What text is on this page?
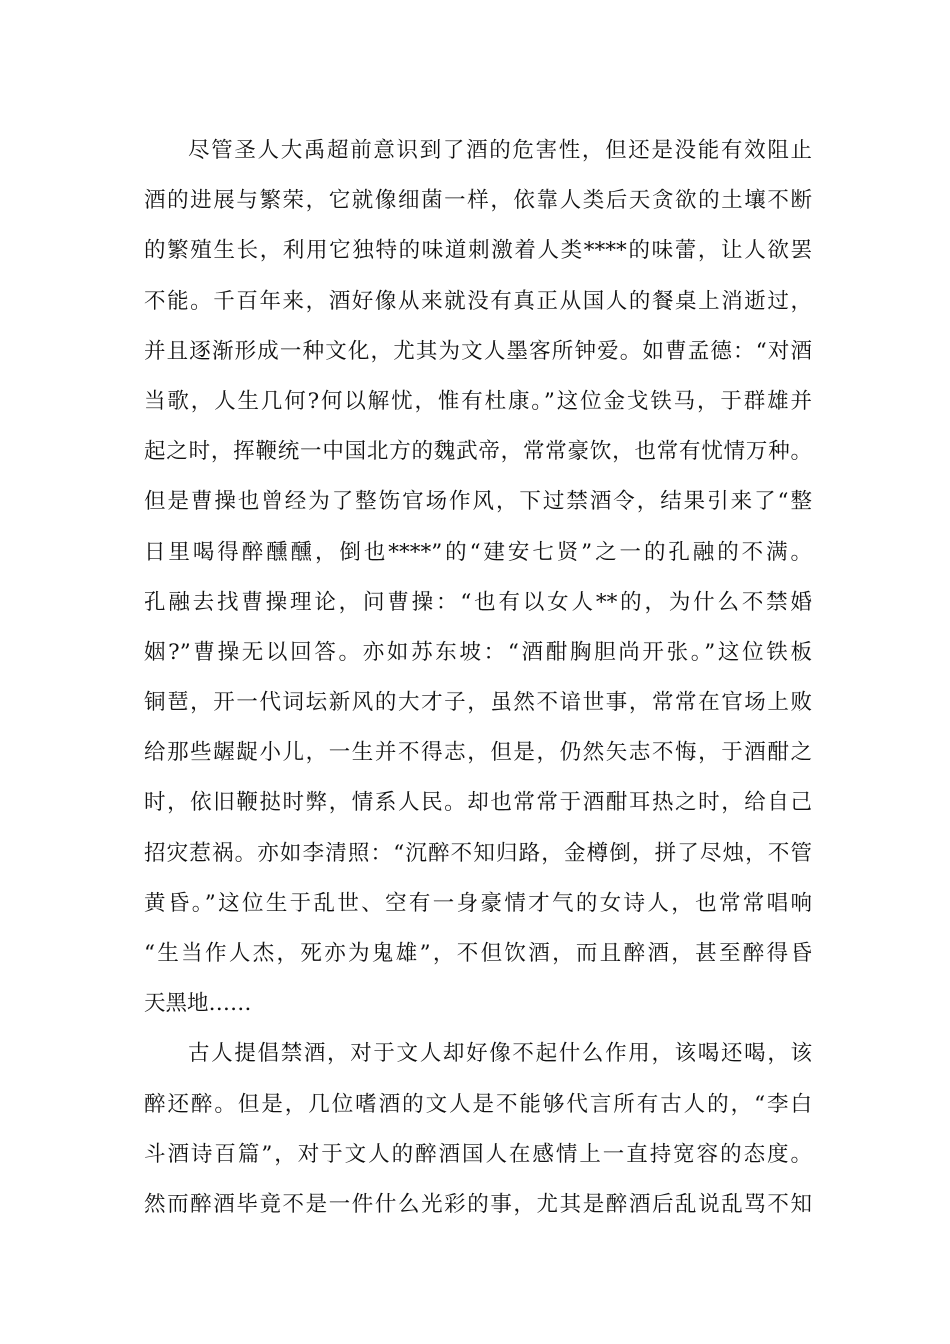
尽管圣人大禹超前意识到了酒的危害性，但还是没能有效阻止
酒的进展与繁荣，它就像细菌一样，依靠人类后天贪欲的土壤不断
的繁殖生长，利用它独特的味道刺激着人类****的味蕾，让人欲罢
不能。千百年来，酒好像从来就没有真正从国人的餐桌上消逝过，
并且逐渐形成一种文化，尤其为文人墨客所钟爱。如曹孟德：“对酒
当歌，人生几何?何以解忧，惟有杜康。”这位金戈铁马，于群雄并
起之时，挥鞭统一中国北方的魏武帝，常常豪饮，也常有忧情万种。
但是曹操也曾经为了整饬官场作风，下过禁酒令，结果引来了“整
日里喝得醉醺醺，倒也****”的“建安七贤”之一的孔融的不满。
孔融去找曹操理论，问曹操：“也有以女人**的，为什么不禁婚
姻?”曹操无以回答。亦如苏东坡：“酒酣胸胆尚开张。”这位铁板
铜琶，开一代词坛新风的大才子，虽然不谙世事，常常在官场上败
给那些龌龊小儿，一生并不得志，但是，仍然矢志不悔，于酒酣之
时，依旧鞭挞时弊，情系人民。却也常常于酒酣耳热之时，给自己
招灾惹祸。亦如李清照：“沉醉不知归路，金樽倒，拼了尽烛，不管
黄昏。”这位生于乱世、空有一身豪情才气的女诗人，也常常唱响
“生当作人杰，死亦为鬼雄”，不但饮酒，而且醉酒，甚至醉得昏
天黑地……
古人提倡禁酒，对于文人却好像不起什么作用，该喝还喝，该
醉还醉。但是，几位嗜酒的文人是不能够代言所有古人的，“李白
斗酒诗百篇”，对于文人的醉酒国人在感情上一直持宽容的态度。
然而醉酒毕竟不是一件什么光彩的事，尤其是醉酒后乱说乱骂不知
